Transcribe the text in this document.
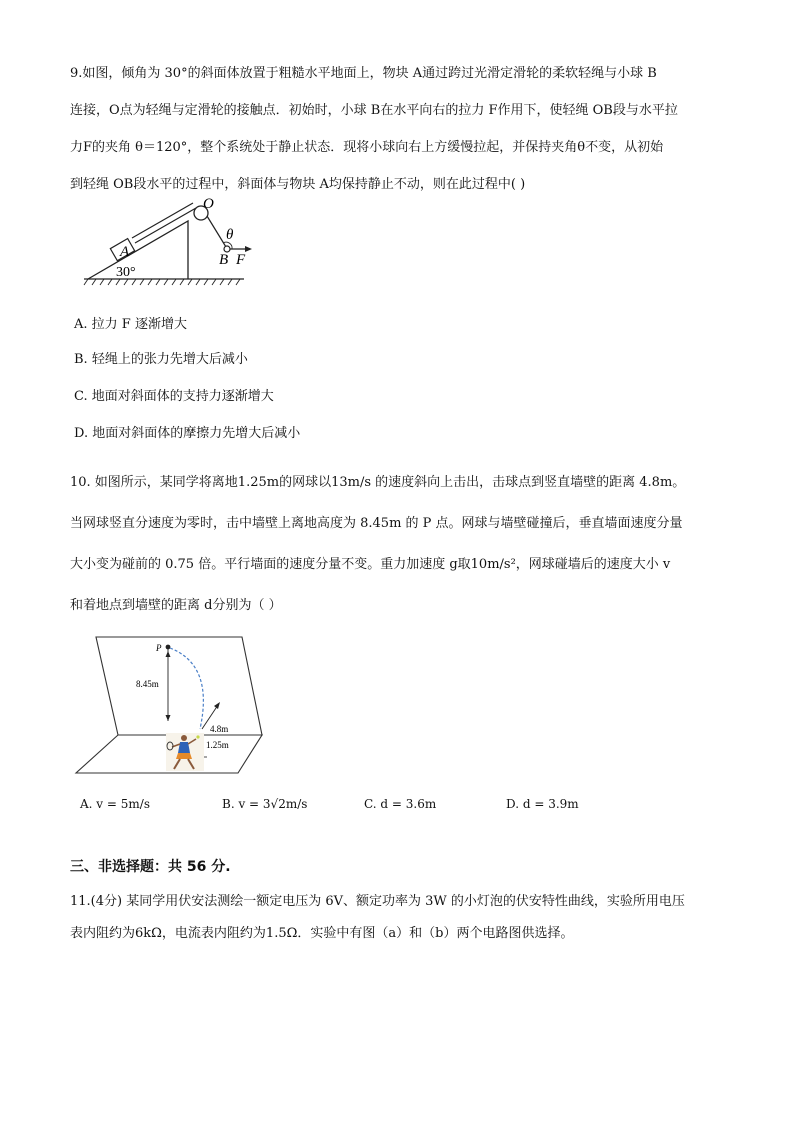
9.如图，倾角为 30°的斜面体放置于粗糙水平地面上，物块 A通过跨过光滑定滑轮的柔软轻绳与小球 B
连接，O点为轻绳与定滑轮的接触点．初始时，小球 B在水平向右的拉力 F作用下，使轻绳 OB段与水平拉
力F的夹角 θ＝120°，整个系统处于静止状态．现将小球向右上方缓慢拉起，并保持夹角θ不变，从初始
到轻绳 OB段水平的过程中，斜面体与物块 A均保持静止不动，则在此过程中( )
O
A
θ
B F
30°
A. 拉力 F 逐渐增大
B. 轻绳上的张力先增大后减小
C. 地面对斜面体的支持力逐渐增大
D. 地面对斜面体的摩擦力先增大后减小
10. 如图所示，某同学将离地1.25m的网球以13m/s 的速度斜向上击出，击球点到竖直墙壁的距离 4.8m。
当网球竖直分速度为零时，击中墙壁上离地高度为 8.45m 的 P 点。网球与墙壁碰撞后，垂直墙面速度分量
大小变为碰前的 0.75 倍。平行墙面的速度分量不变。重力加速度 g取10m/s²，网球碰墙后的速度大小 v
和着地点到墙壁的距离 d分别为（ ）
P
8.45m
4.8m
1.25m
A. v = 5m/s	B. v = 3√2m/s	C. d = 3.6m	D. d = 3.9m
三、非选择题：共 56 分.
11.(4分) 某同学用伏安法测绘一额定电压为 6V、额定功率为 3W 的小灯泡的伏安特性曲线，实验所用电压
表内阻约为6kΩ，电流表内阻约为1.5Ω．实验中有图（a）和（b）两个电路图供选择。
